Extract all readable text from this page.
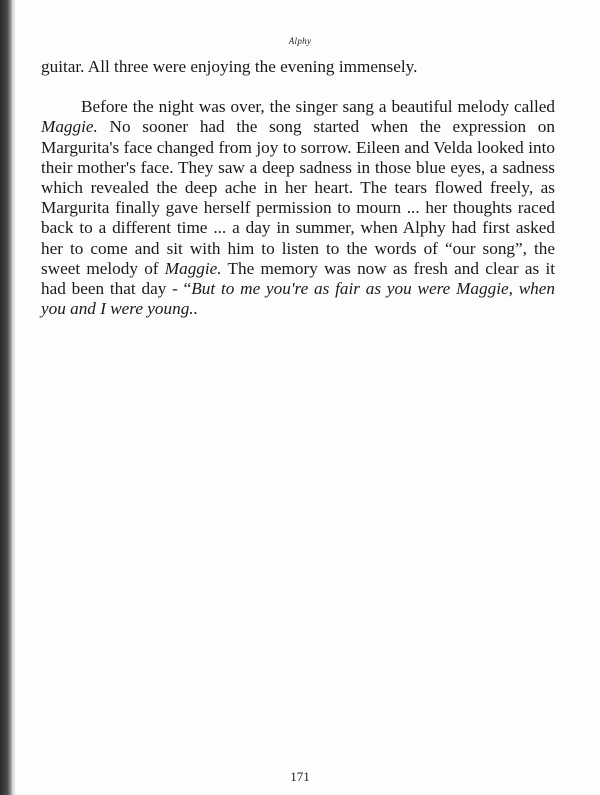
Alphy

guitar. All three were enjoying the evening immensely.

Before the night was over, the singer sang a beautiful melody called Maggie. No sooner had the song started when the expression on Margurita's face changed from joy to sorrow. Eileen and Velda looked into their mother's face. They saw a deep sadness in those blue eyes, a sadness which revealed the deep ache in her heart. The tears flowed freely, as Margurita finally gave herself permission to mourn ... her thoughts raced back to a different time ... a day in summer, when Alphy had first asked her to come and sit with him to listen to the words of “our song”, the sweet melody of Maggie. The memory was now as fresh and clear as it had been that day - “But to me you're as fair as you were Maggie, when you and I were young..

171
